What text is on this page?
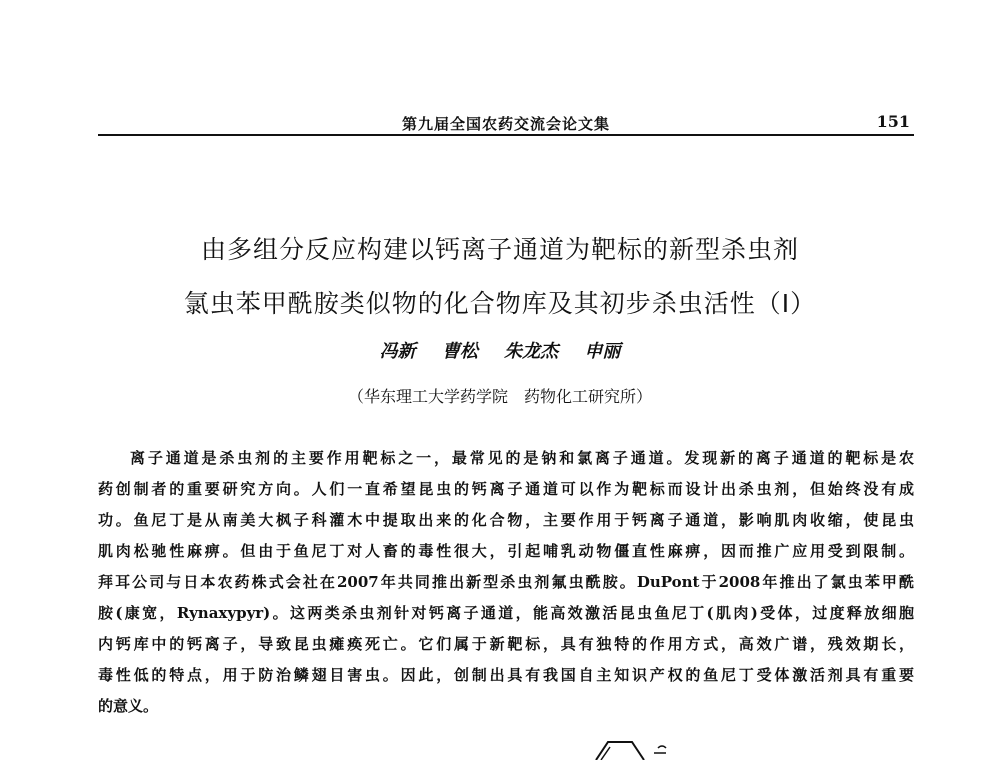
第九届全国农药交流会论文集	151
由多组分反应构建以钙离子通道为靶标的新型杀虫剂
氯虫苯甲酰胺类似物的化合物库及其初步杀虫活性（I）
冯新 曹松 朱龙杰 申丽
（华东理工大学药学院　药物化工研究所）
离子通道是杀虫剂的主要作用靶标之一，最常见的是钠和氯离子通道。发现新的离子通道的靶标是农
药创制者的重要研究方向。人们一直希望昆虫的钙离子通道可以作为靶标而设计出杀虫剂，但始终没有成
功。鱼尼丁是从南美大枫子科灌木中提取出来的化合物，主要作用于钙离子通道，影响肌肉收缩，使昆虫
肌肉松驰性麻痹。但由于鱼尼丁对人畜的毒性很大，引起哺乳动物僵直性麻痹，因而推广应用受到限制。
拜耳公司与日本农药株式会社在2007年共同推出新型杀虫剂氟虫酰胺。DuPont于2008年推出了氯虫苯甲酰
胺(康宽，Rynaxypyr)。这两类杀虫剂针对钙离子通道，能高效激活昆虫鱼尼丁(肌肉)受体，过度释放细胞
内钙库中的钙离子，导致昆虫瘫痪死亡。它们属于新靶标，具有独特的作用方式，高效广谱，残效期长，
毒性低的特点，用于防治鳞翅目害虫。因此，创制出具有我国自主知识产权的鱼尼丁受体激活剂具有重要
的意义。
